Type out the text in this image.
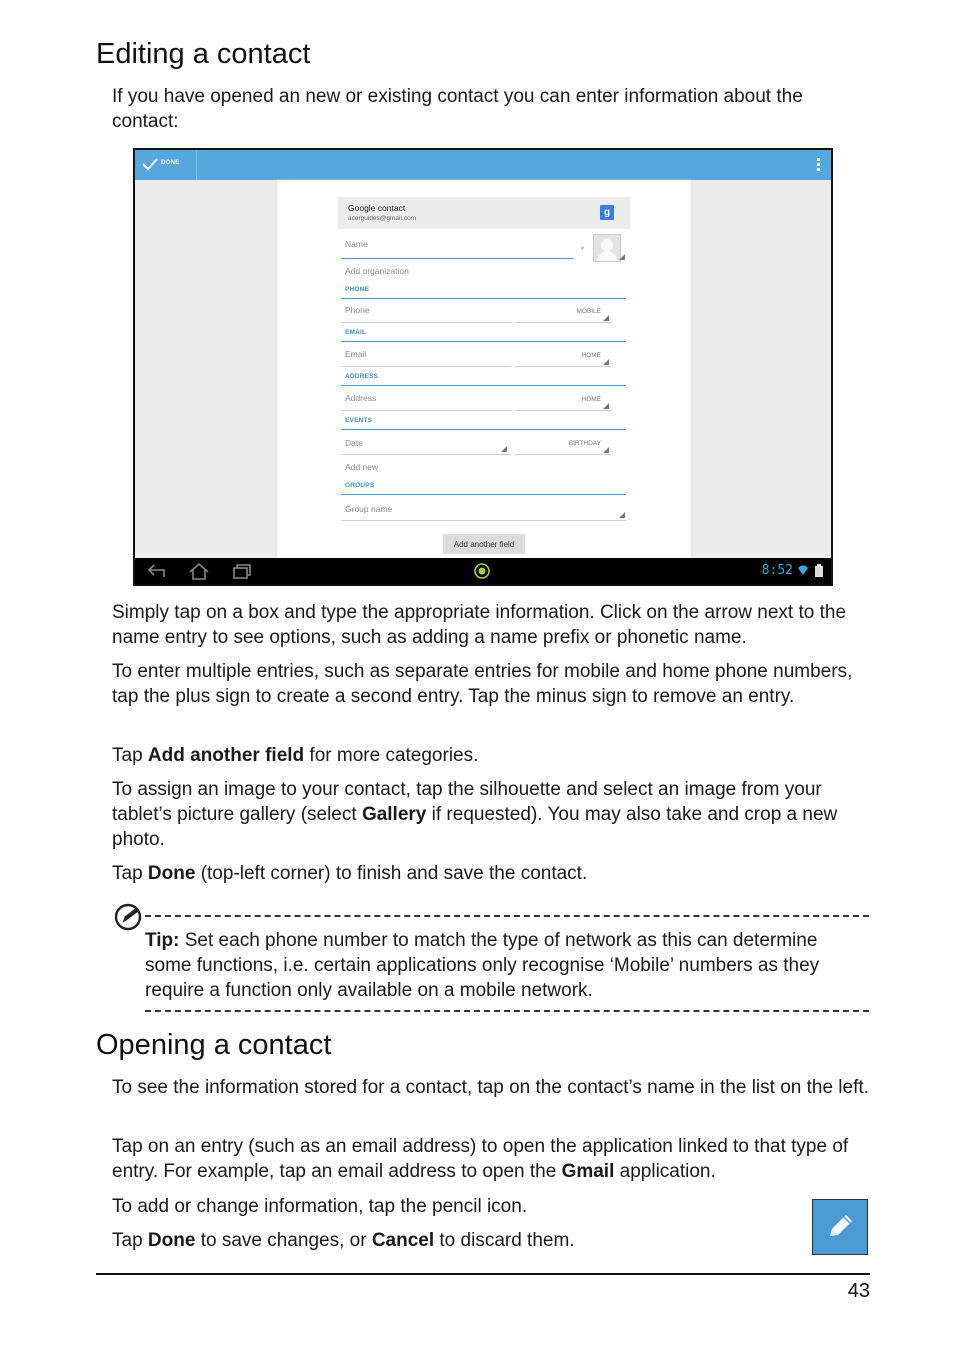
Editing a contact

If you have opened an new or existing contact you can enter information about the contact:

DONE
Google contact
acerguides@gmail.com
g
Name	⌄
Add organization
PHONE
Phone	MOBILE
EMAIL
Email	HOME
ADDRESS
Address	HOME
EVENTS
Date	BIRTHDAY
Add new
GROUPS
Group name
Add another field
8:52

Simply tap on a box and type the appropriate information. Click on the arrow next to the name entry to see options, such as adding a name prefix or phonetic name.

To enter multiple entries, such as separate entries for mobile and home phone numbers, tap the plus sign to create a second entry. Tap the minus sign to remove an entry.

Tap Add another field for more categories.

To assign an image to your contact, tap the silhouette and select an image from your tablet’s picture gallery (select Gallery if requested). You may also take and crop a new photo.

Tap Done (top-left corner) to finish and save the contact.

Tip: Set each phone number to match the type of network as this can determine some functions, i.e. certain applications only recognise ‘Mobile’ numbers as they require a function only available on a mobile network.

Opening a contact

To see the information stored for a contact, tap on the contact’s name in the list on the left.

Tap on an entry (such as an email address) to open the application linked to that type of entry. For example, tap an email address to open the Gmail application.

To add or change information, tap the pencil icon.

Tap Done to save changes, or Cancel to discard them.

43
